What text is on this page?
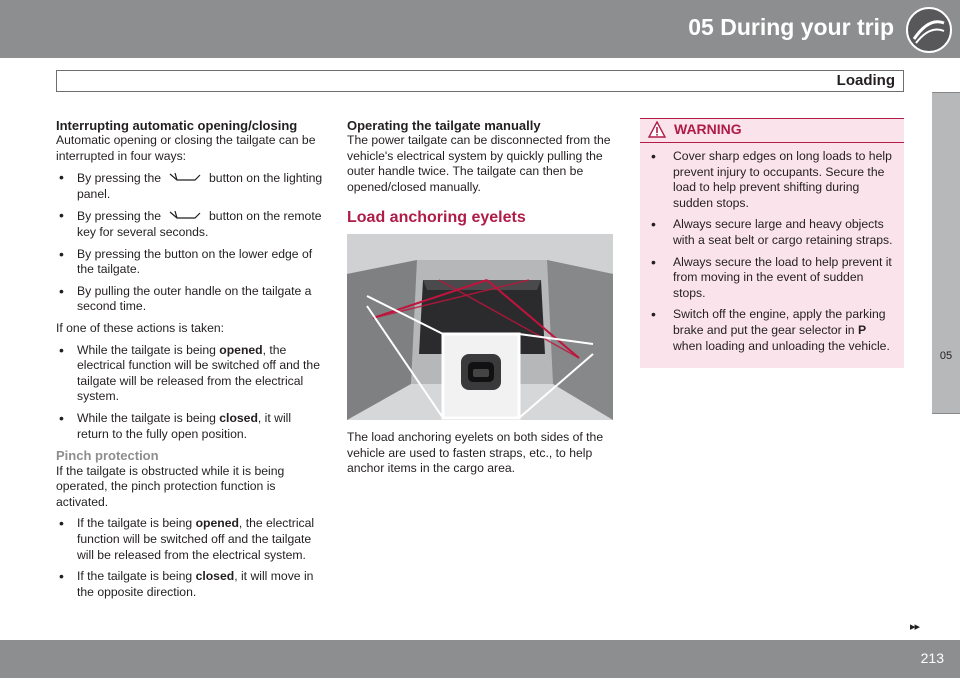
05 During your trip
Loading
05
Interrupting automatic opening/closing

Automatic opening or closing the tailgate can be interrupted in four ways:

• By pressing the	button on the lighting panel.
• By pressing the	button on the remote key for several seconds.
• By pressing the button on the lower edge of the tailgate.
• By pulling the outer handle on the tailgate a second time.

If one of these actions is taken:

• While the tailgate is being opened, the electrical function will be switched off and the tailgate will be released from the electrical system.
• While the tailgate is being closed, it will return to the fully open position.
Pinch protection

If the tailgate is obstructed while it is being operated, the pinch protection function is activated.

• If the tailgate is being opened, the electrical function will be switched off and the tailgate will be released from the electrical system.
• If the tailgate is being closed, it will move in the opposite direction.
Operating the tailgate manually

The power tailgate can be disconnected from the vehicle's electrical system by quickly pulling the outer handle twice. The tailgate can then be opened/closed manually.

Load anchoring eyelets

The load anchoring eyelets on both sides of the vehicle are used to fasten straps, etc., to help anchor items in the cargo area.

WARNING
• Cover sharp edges on long loads to help prevent injury to occupants. Secure the load to help prevent shifting during sudden stops.
• Always secure large and heavy objects with a seat belt or cargo retaining straps.
• Always secure the load to help prevent it from moving in the event of sudden stops.
• Switch off the engine, apply the parking brake and put the gear selector in P when loading and unloading the vehicle.
▸▸
213
